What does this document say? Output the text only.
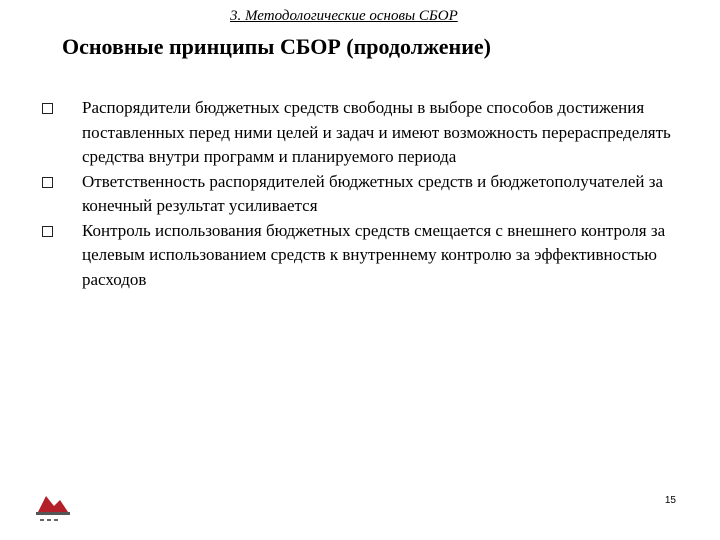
3. Методологические основы СБОР
Основные принципы СБОР (продолжение)
Распорядители бюджетных средств свободны в выборе способов достижения поставленных перед ними целей и задач и имеют возможность перераспределять средства внутри программ и планируемого периода
Ответственность распорядителей бюджетных средств и бюджетополучателей за конечный результат усиливается
Контроль использования бюджетных средств смещается с внешнего контроля за целевым использованием средств к внутреннему контролю за эффективностью расходов
15
